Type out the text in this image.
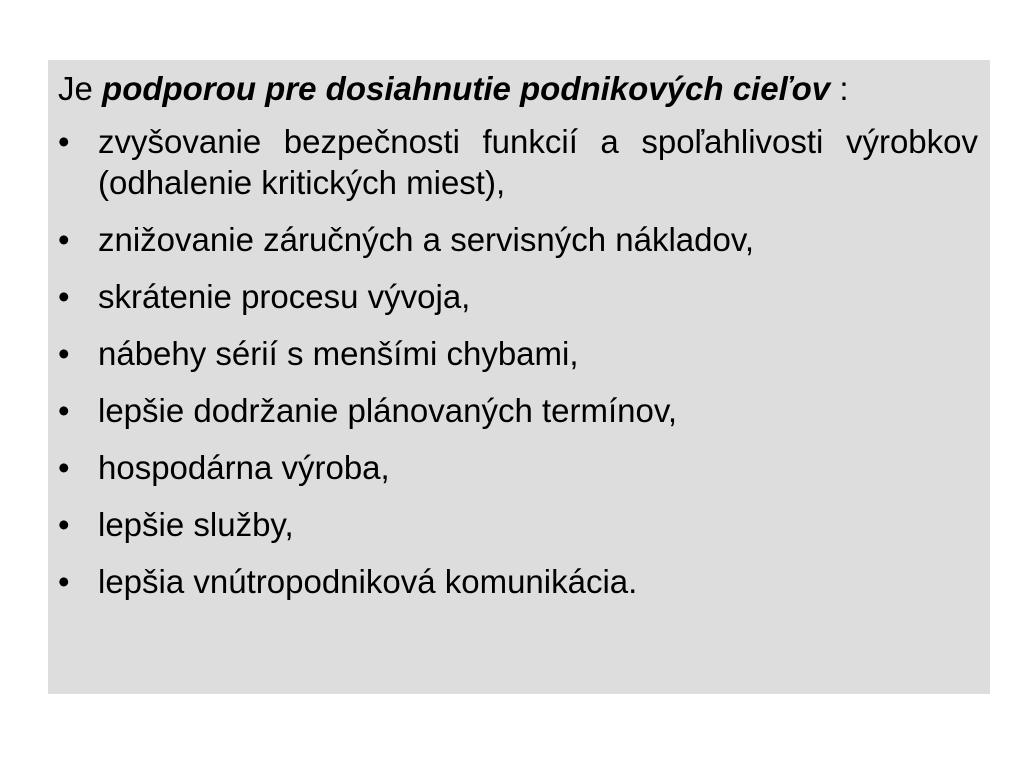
Je podporou pre dosiahnutie podnikových cieľov :

• zvyšovanie bezpečnosti funkcií a spoľahlivosti výrobkov (odhalenie kritických miest),
• znižovanie záručných a servisných nákladov,
• skrátenie procesu vývoja,
• nábehy sérií s menšími chybami,
• lepšie dodržanie plánovaných termínov,
• hospodárna výroba,
• lepšie služby,
• lepšia vnútropodniková komunikácia.
